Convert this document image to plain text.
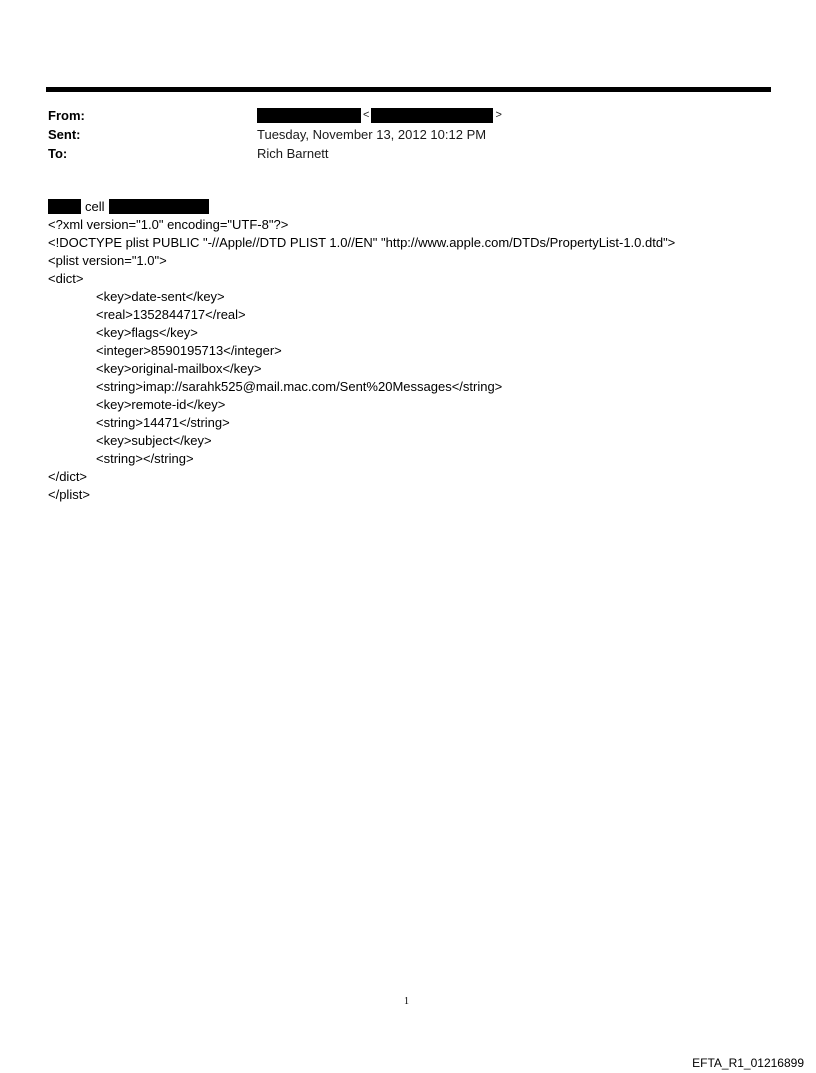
From:	<	>
Sent:	Tuesday, November 13, 2012 10:12 PM
To:	Rich Barnett
cell
<?xml version="1.0" encoding="UTF-8"?>
<!DOCTYPE plist PUBLIC "-//Apple//DTD PLIST 1.0//EN" "http://www.apple.com/DTDs/PropertyList-1.0.dtd">
<plist version="1.0">
<dict>
<key>date-sent</key>
<real>1352844717</real>
<key>flags</key>
<integer>8590195713</integer>
<key>original-mailbox</key>
<string>imap://sarahk525@mail.mac.com/Sent%20Messages</string>
<key>remote-id</key>
<string>14471</string>
<key>subject</key>
<string></string>
</dict>
</plist>
1
EFTA_R1_01216899
